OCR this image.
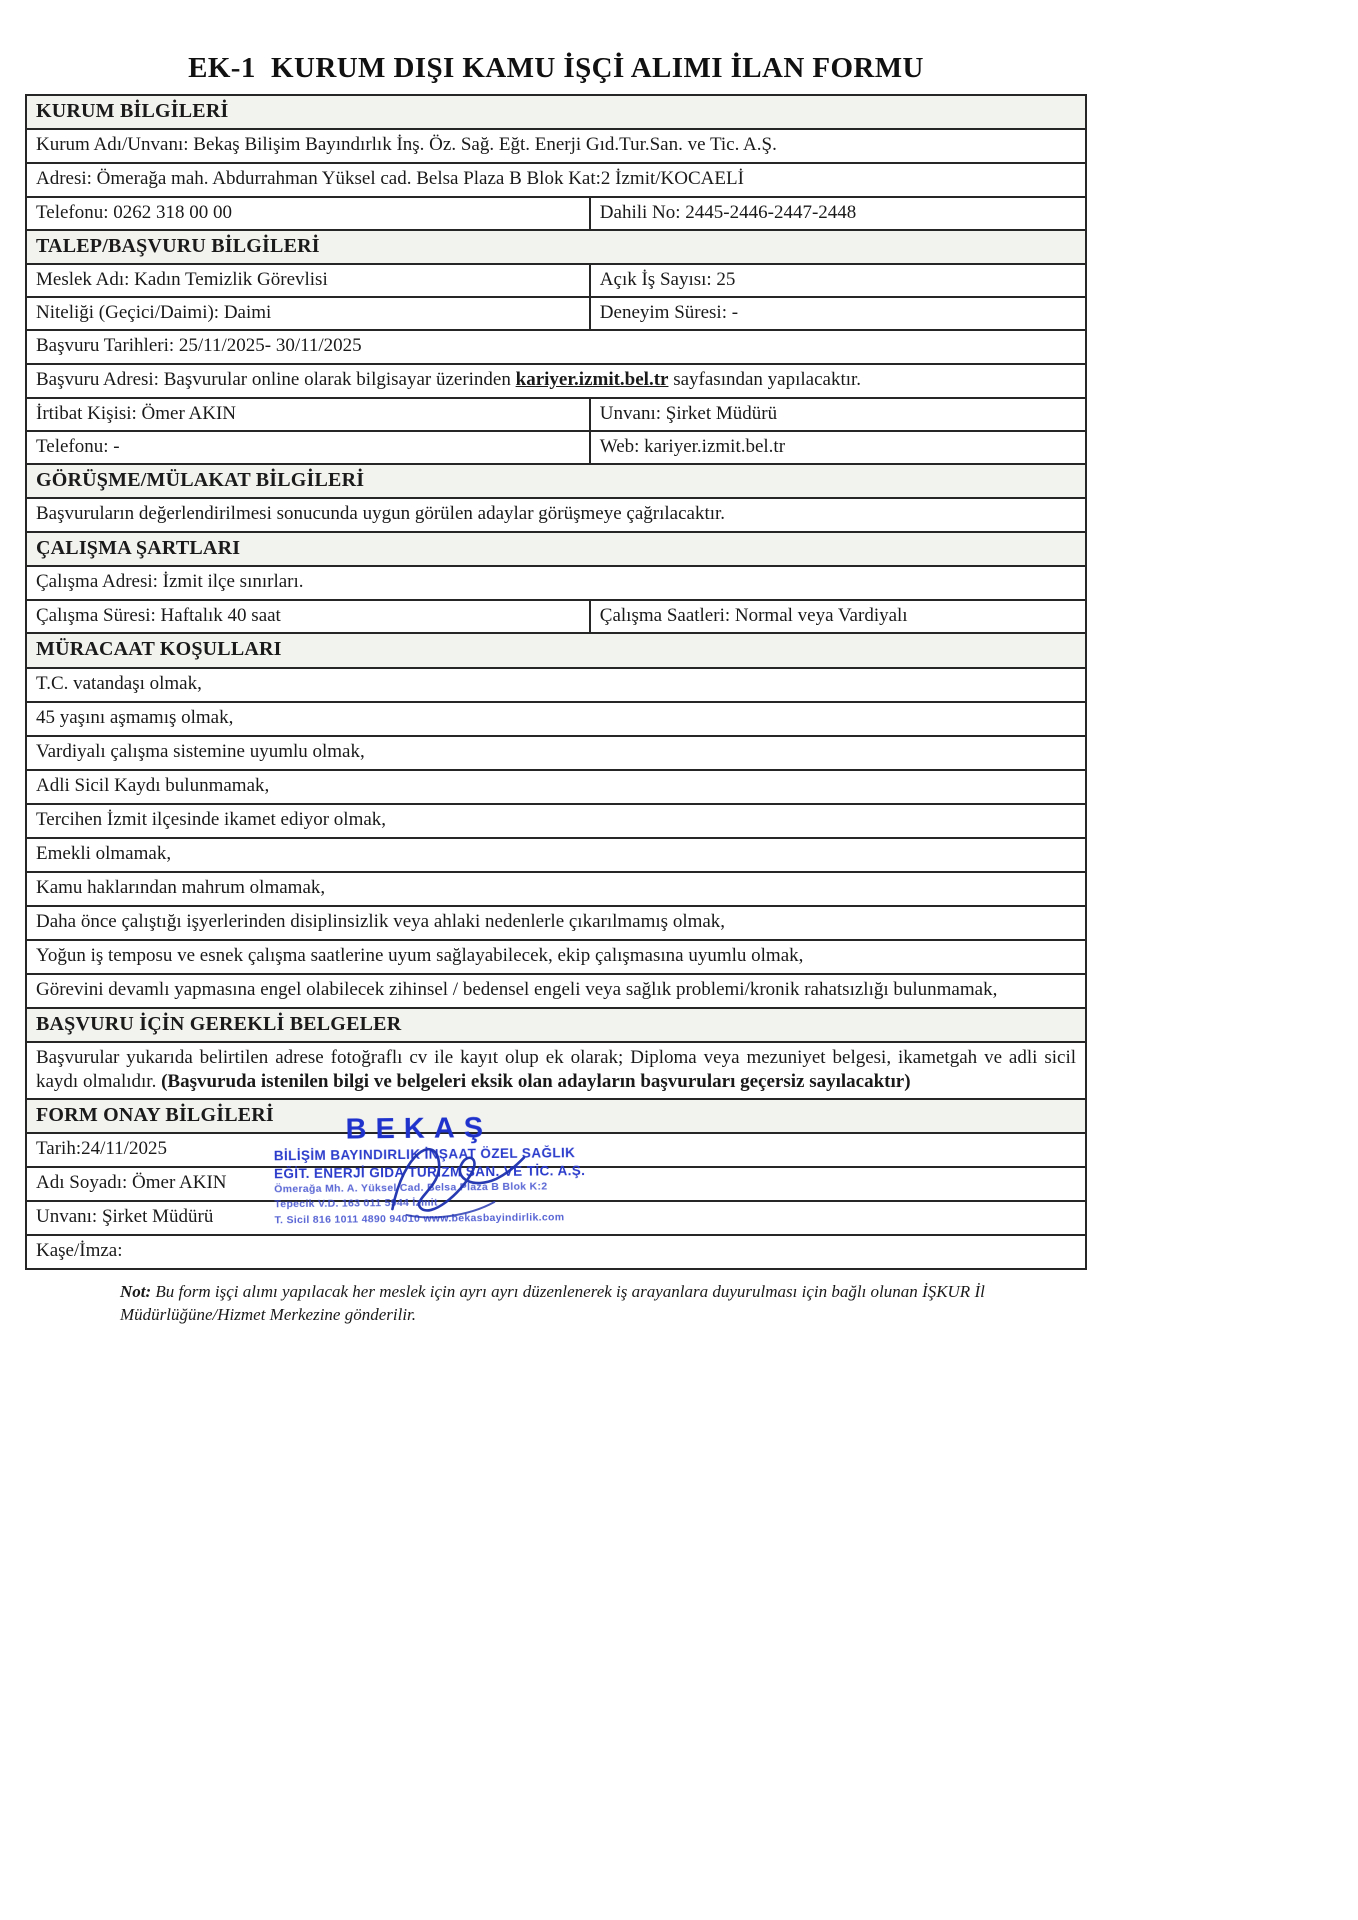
EK-1  KURUM DIŞI KAMU İŞÇİ ALIMI İLAN FORMU
KURUM BİLGİLERİ
Kurum Adı/Unvanı: Bekaş Bilişim Bayındırlık İnş. Öz. Sağ. Eğt. Enerji Gıd.Tur.San. ve Tic. A.Ş.
Adresi: Ömerağa mah. Abdurrahman Yüksel cad. Belsa Plaza B Blok Kat:2 İzmit/KOCAELİ
Telefonu: 0262 318 00 00	Dahili No: 2445-2446-2447-2448
TALEP/BAŞVURU BİLGİLERİ
Meslek Adı: Kadın Temizlik Görevlisi	Açık İş Sayısı: 25
Niteliği (Geçici/Daimi): Daimi	Deneyim Süresi: -
Başvuru Tarihleri: 25/11/2025- 30/11/2025
Başvuru Adresi: Başvurular online olarak bilgisayar üzerinden kariyer.izmit.bel.tr sayfasından yapılacaktır.
İrtibat Kişisi: Ömer AKIN	Unvanı: Şirket Müdürü
Telefonu: -	Web: kariyer.izmit.bel.tr
GÖRÜŞME/MÜLAKAT BİLGİLERİ
Başvuruların değerlendirilmesi sonucunda uygun görülen adaylar görüşmeye çağrılacaktır.
ÇALIŞMA ŞARTLARI
Çalışma Adresi: İzmit ilçe sınırları.
Çalışma Süresi: Haftalık 40 saat	Çalışma Saatleri: Normal veya Vardiyalı
MÜRACAAT KOŞULLARI
T.C. vatandaşı olmak,
45 yaşını aşmamış olmak,
Vardiyalı çalışma sistemine uyumlu olmak,
Adli Sicil Kaydı bulunmamak,
Tercihen İzmit ilçesinde ikamet ediyor olmak,
Emekli olmamak,
Kamu haklarından mahrum olmamak,
Daha önce çalıştığı işyerlerinden disiplinsizlik veya ahlaki nedenlerle çıkarılmamış olmak,
Yoğun iş temposu ve esnek çalışma saatlerine uyum sağlayabilecek, ekip çalışmasına uyumlu olmak,
Görevini devamlı yapmasına engel olabilecek zihinsel / bedensel engeli veya sağlık problemi/kronik rahatsızlığı bulunmamak,
BAŞVURU İÇİN GEREKLİ BELGELER
Başvurular yukarıda belirtilen adrese fotoğraflı cv ile kayıt olup ek olarak; Diploma veya mezuniyet belgesi, ikametgah ve adli sicil kaydı olmalıdır. (Başvuruda istenilen bilgi ve belgeleri eksik olan adayların başvuruları geçersiz sayılacaktır)
FORM ONAY BİLGİLERİ
Tarih:24/11/2025
Adı Soyadı: Ömer AKIN
Unvanı: Şirket Müdürü
Kaşe/İmza:
BEKAŞ
BİLİŞİM BAYINDIRLIK İNŞAAT ÖZEL SAĞLIK
EĞİT. ENERJİ GIDA TURİZM SAN. VE TİC. A.Ş.
Ömerağa Mh. A. Yüksel Cad. Belsa Plaza B Blok K:2
Tepecik V.D. 163 011 5944 İzmit
T. Sicil 816 1011 4890 94010 www.bekasbayindirlik.com
Not: Bu form işçi alımı yapılacak her meslek için ayrı ayrı düzenlenerek iş arayanlara duyurulması için bağlı olunan İŞKUR İl Müdürlüğüne/Hizmet Merkezine gönderilir.
